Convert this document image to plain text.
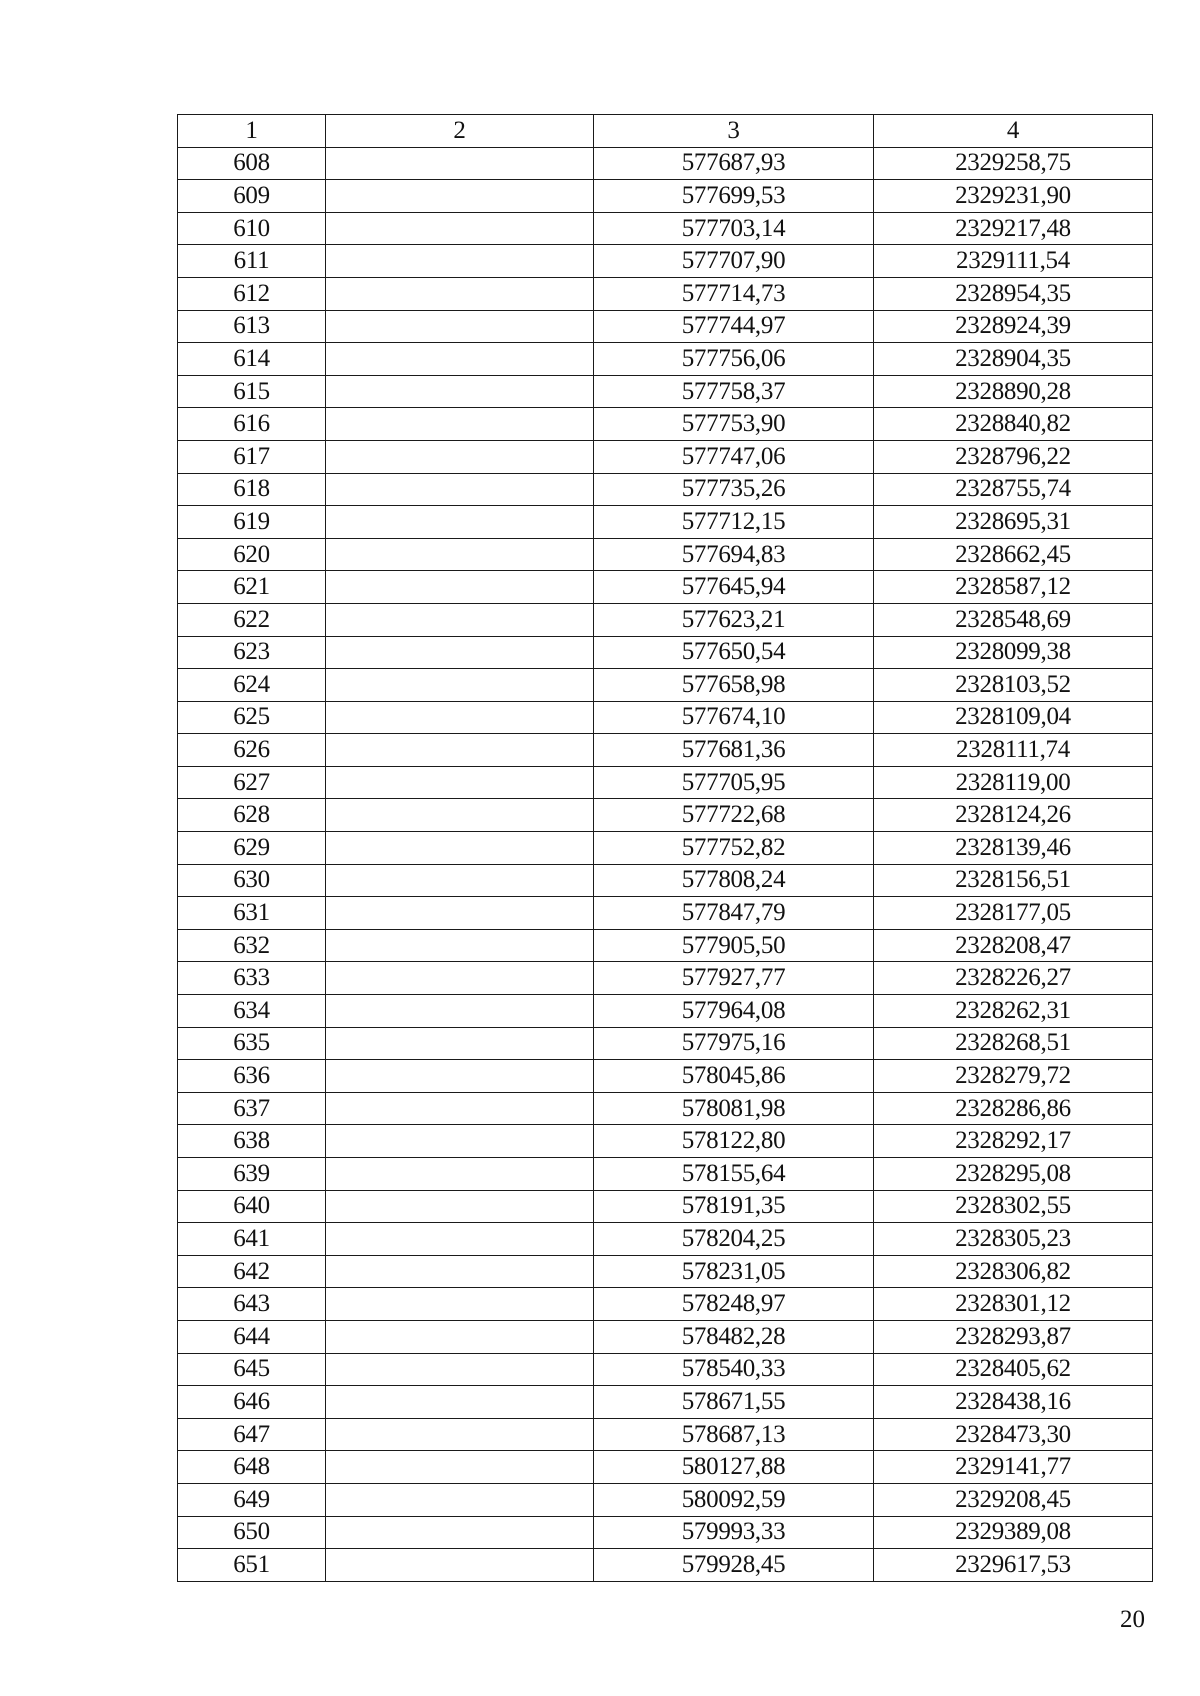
1	2	3	4
608		577687,93	2329258,75
609		577699,53	2329231,90
610		577703,14	2329217,48
611		577707,90	2329111,54
612		577714,73	2328954,35
613		577744,97	2328924,39
614		577756,06	2328904,35
615		577758,37	2328890,28
616		577753,90	2328840,82
617		577747,06	2328796,22
618		577735,26	2328755,74
619		577712,15	2328695,31
620		577694,83	2328662,45
621		577645,94	2328587,12
622		577623,21	2328548,69
623		577650,54	2328099,38
624		577658,98	2328103,52
625		577674,10	2328109,04
626		577681,36	2328111,74
627		577705,95	2328119,00
628		577722,68	2328124,26
629		577752,82	2328139,46
630		577808,24	2328156,51
631		577847,79	2328177,05
632		577905,50	2328208,47
633		577927,77	2328226,27
634		577964,08	2328262,31
635		577975,16	2328268,51
636		578045,86	2328279,72
637		578081,98	2328286,86
638		578122,80	2328292,17
639		578155,64	2328295,08
640		578191,35	2328302,55
641		578204,25	2328305,23
642		578231,05	2328306,82
643		578248,97	2328301,12
644		578482,28	2328293,87
645		578540,33	2328405,62
646		578671,55	2328438,16
647		578687,13	2328473,30
648		580127,88	2329141,77
649		580092,59	2329208,45
650		579993,33	2329389,08
651		579928,45	2329617,53
20
